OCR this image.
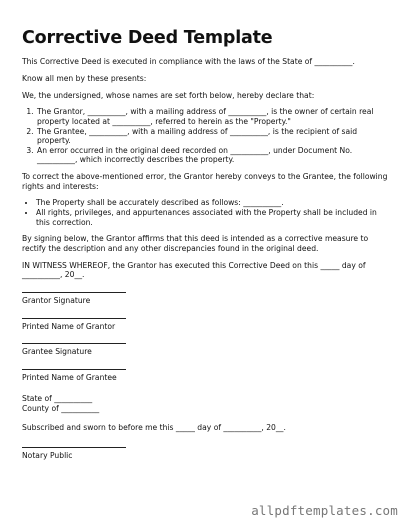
Corrective Deed Template

This Corrective Deed is executed in compliance with the laws of the State of __________.

Know all men by these presents:

We, the undersigned, whose names are set forth below, hereby declare that:

1. The Grantor, __________, with a mailing address of __________, is the owner of certain real property located at __________, referred to herein as the "Property."
2. The Grantee, __________, with a mailing address of __________, is the recipient of said property.
3. An error occurred in the original deed recorded on __________, under Document No. __________, which incorrectly describes the property.

To correct the above-mentioned error, the Grantor hereby conveys to the Grantee, the following rights and interests:

• The Property shall be accurately described as follows: __________.
• All rights, privileges, and appurtenances associated with the Property shall be included in this correction.

By signing below, the Grantor affirms that this deed is intended as a corrective measure to rectify the description and any other discrepancies found in the original deed.

IN WITNESS WHEREOF, the Grantor has executed this Corrective Deed on this _____ day of __________, 20__.

Grantor Signature
Printed Name of Grantor
Grantee Signature
Printed Name of Grantee

State of __________

County of __________

Subscribed and sworn to before me this _____ day of __________, 20__.

Notary Public
allpdftemplates.com
